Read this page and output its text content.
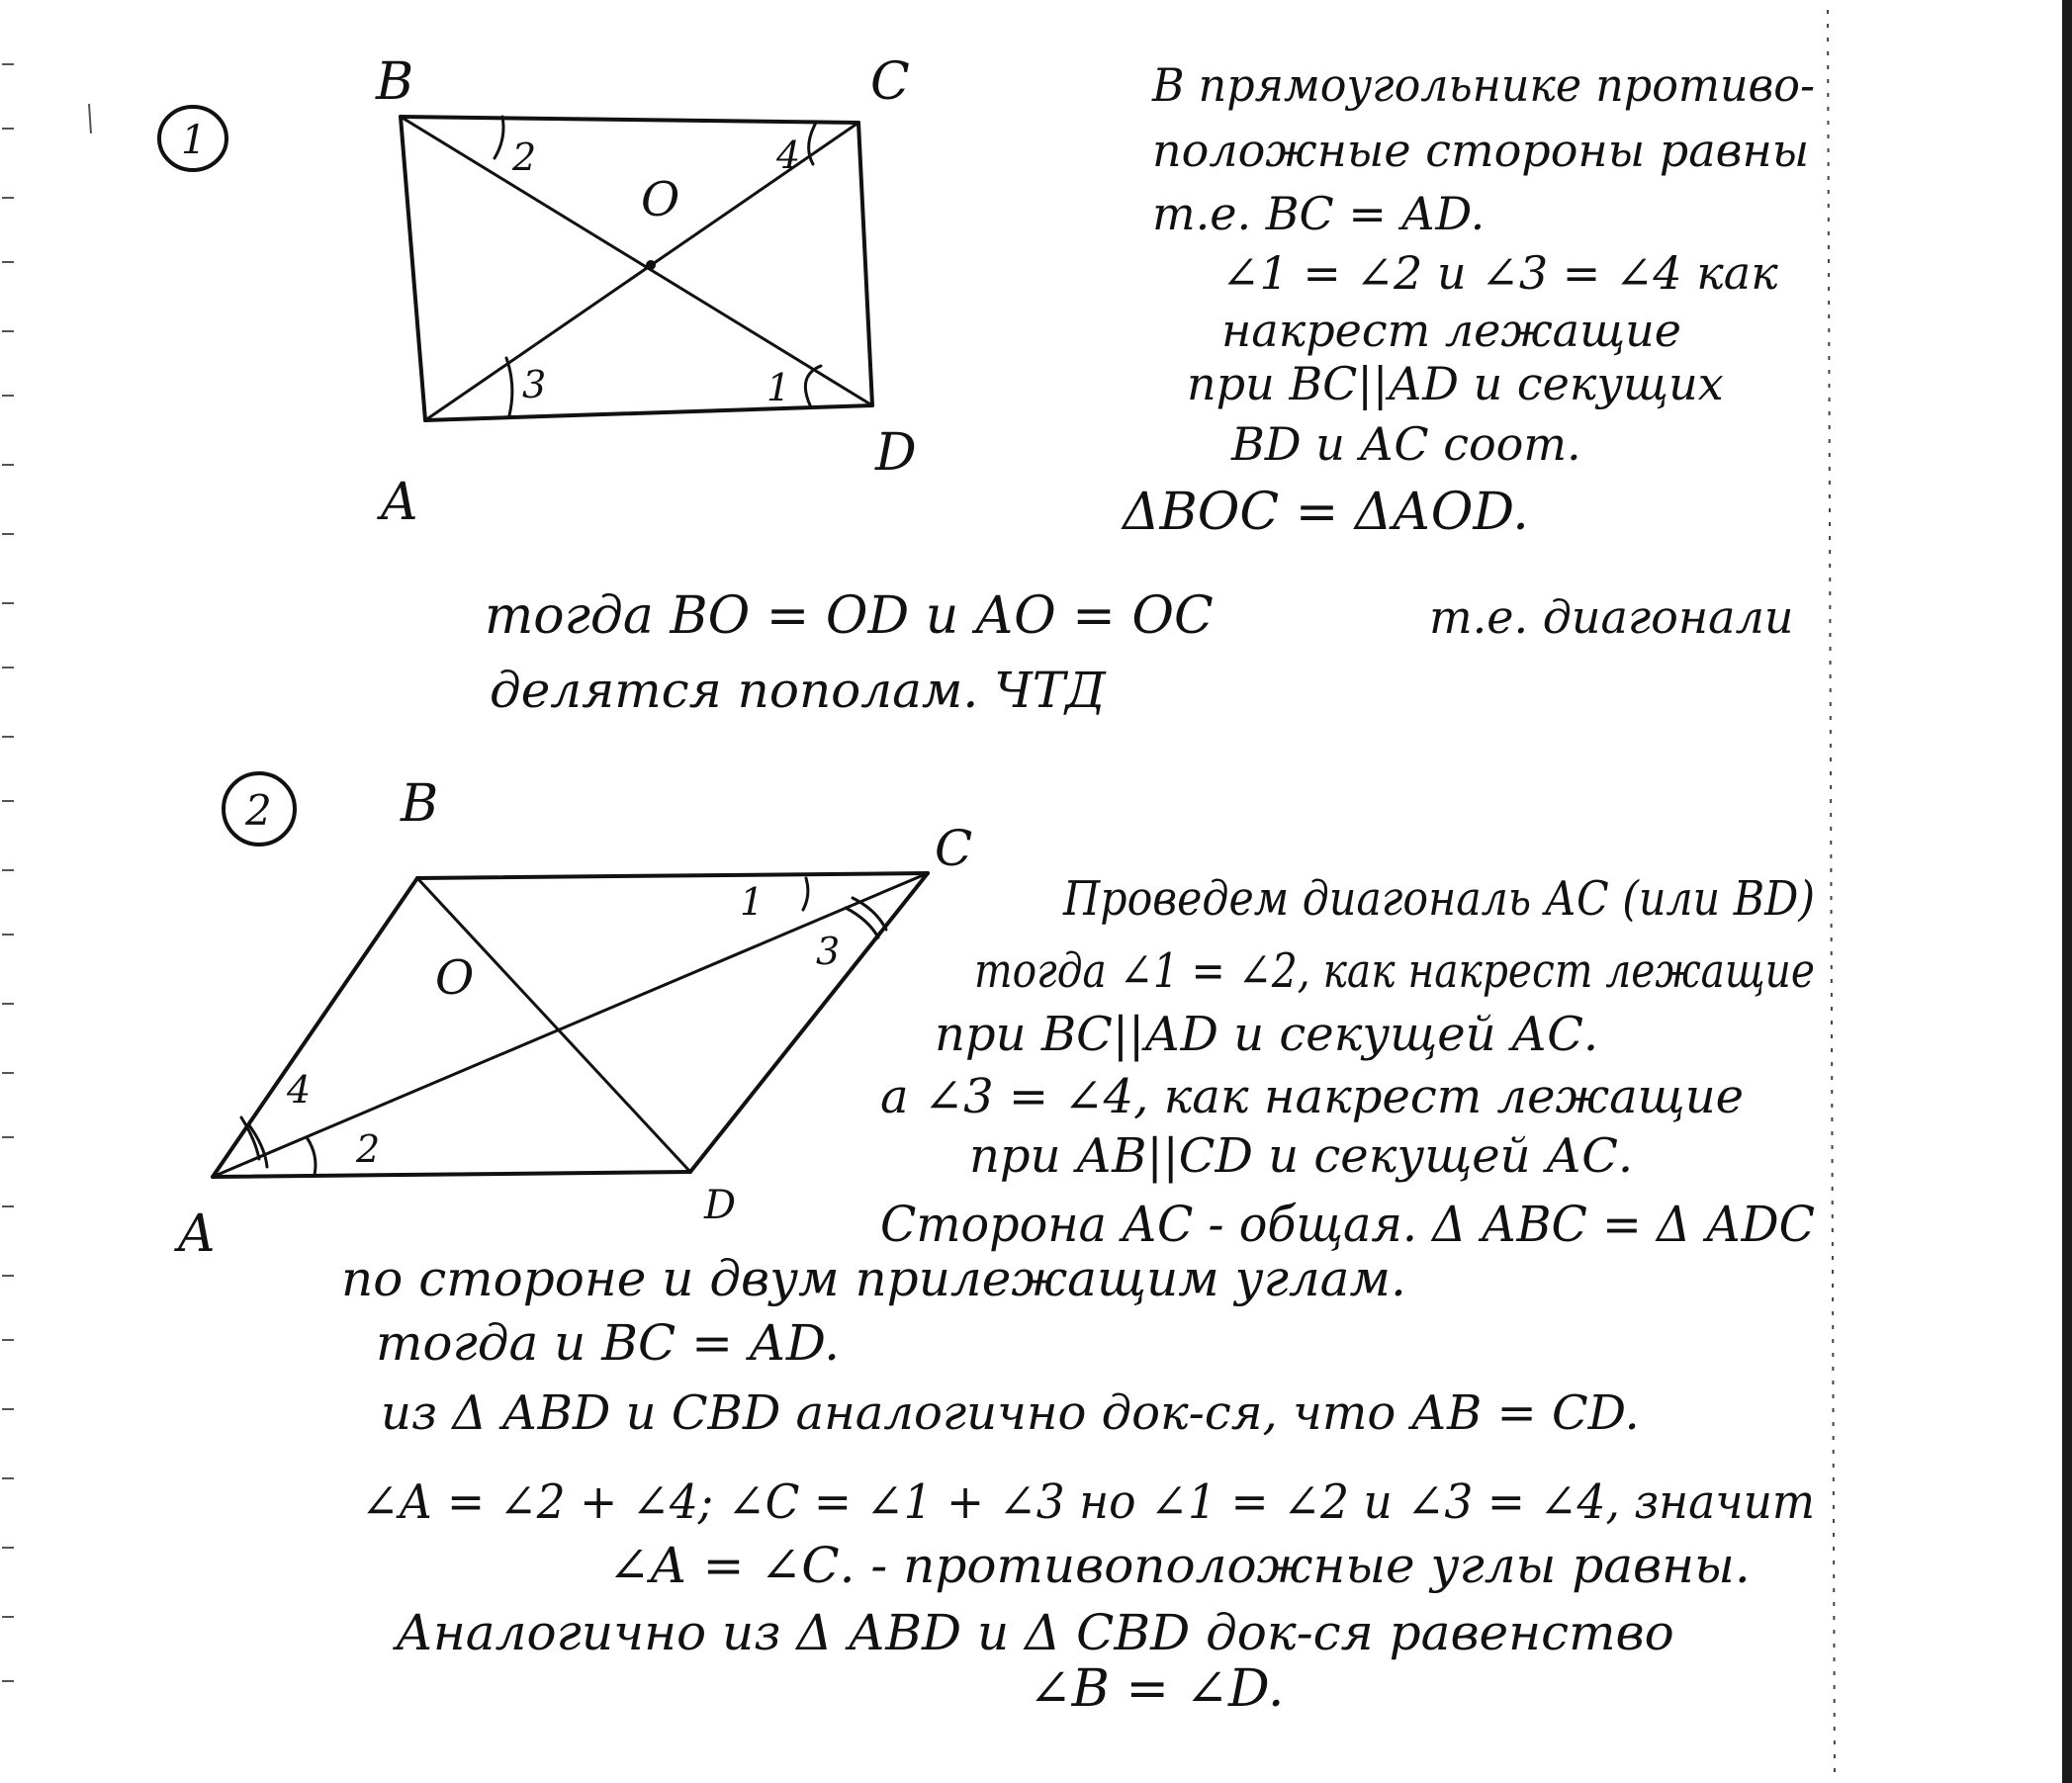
1
B	C
A
D
O
2	4
3	1
В прямоугольнике противо-
положные стороны равны
т.е. ВС = АD.
∠1 = ∠2 и ∠3 = ∠4 как
накрест лежащие
при ВС||АD и секущих
ВD и АС соот.
ΔВОС = ΔАОD.
тогда ВО = ОD и АО = ОС	т.е. диагонали
делятся пополам. ЧТД
2	B
C
A	D
O
1
3
4
2
Проведем диагональ АС (или ВD)
тогда ∠1 = ∠2, как накрест лежащие
при ВС||АD и секущей АС.
а ∠3 = ∠4, как накрест лежащие
при АВ||СD и секущей АС.
Сторона АС - общая. Δ АВС = Δ АDС
по стороне и двум прилежащим углам.
тогда и ВС = АD.
из Δ АВD и СВD аналогично док-ся, что АВ = СD.
∠А = ∠2 + ∠4; ∠С = ∠1 + ∠3 но ∠1 = ∠2 и ∠3 = ∠4, значит
∠А = ∠С. - противоположные углы равны.
Аналогично из Δ АВD и Δ СВD док-ся равенство
∠В = ∠D.
